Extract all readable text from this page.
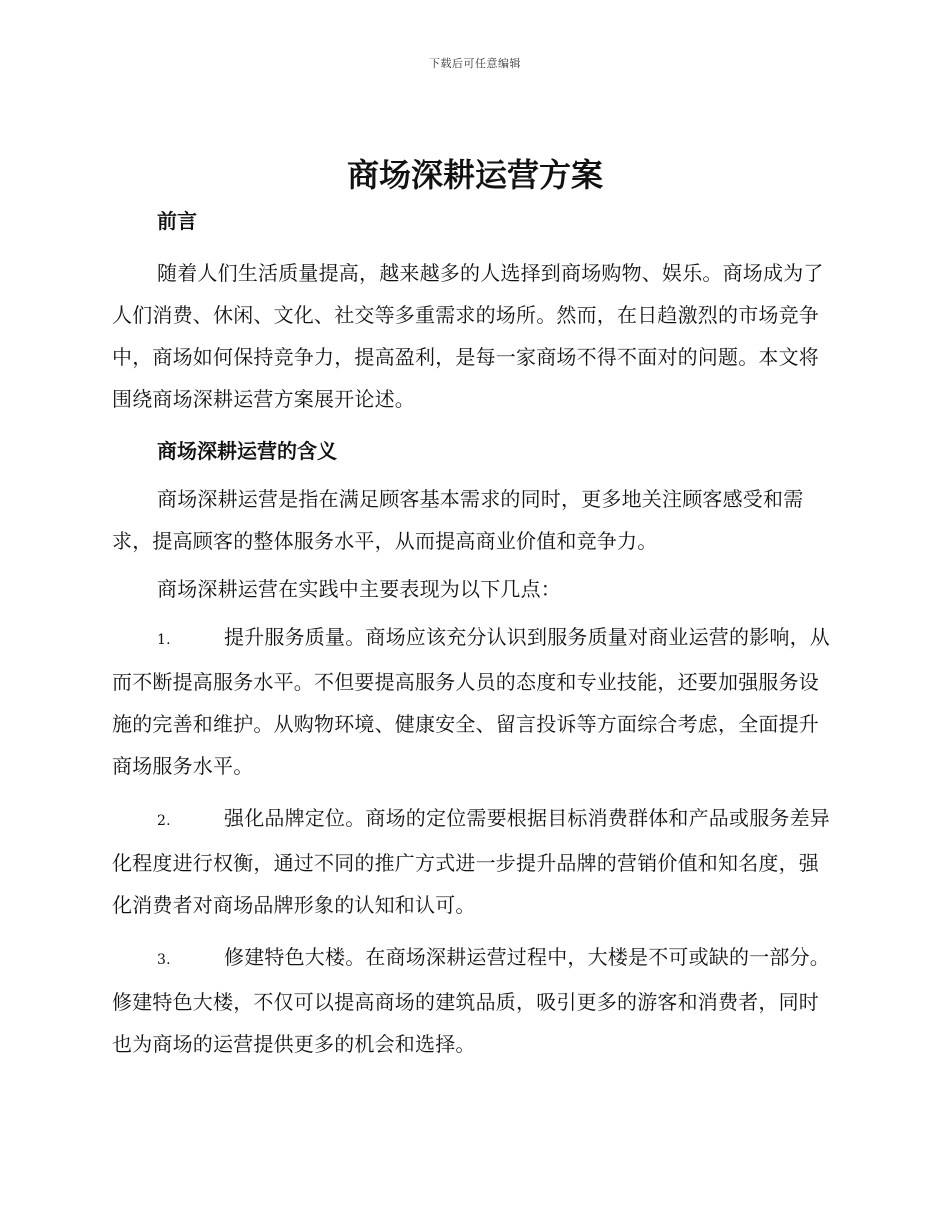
下载后可任意编辑
商场深耕运营方案

前言

随着人们生活质量提高，越来越多的人选择到商场购物、娱乐。商场成为了人们消费、休闲、文化、社交等多重需求的场所。然而，在日趋激烈的市场竞争中，商场如何保持竞争力，提高盈利，是每一家商场不得不面对的问题。本文将围绕商场深耕运营方案展开论述。

商场深耕运营的含义

商场深耕运营是指在满足顾客基本需求的同时，更多地关注顾客感受和需求，提高顾客的整体服务水平，从而提高商业价值和竞争力。

商场深耕运营在实践中主要表现为以下几点：

1.	提升服务质量。商场应该充分认识到服务质量对商业运营的影响，从而不断提高服务水平。不但要提高服务人员的态度和专业技能，还要加强服务设施的完善和维护。从购物环境、健康安全、留言投诉等方面综合考虑，全面提升商场服务水平。

2.	强化品牌定位。商场的定位需要根据目标消费群体和产品或服务差异化程度进行权衡，通过不同的推广方式进一步提升品牌的营销价值和知名度，强化消费者对商场品牌形象的认知和认可。

3.	修建特色大楼。在商场深耕运营过程中，大楼是不可或缺的一部分。修建特色大楼，不仅可以提高商场的建筑品质，吸引更多的游客和消费者，同时也为商场的运营提供更多的机会和选择。
